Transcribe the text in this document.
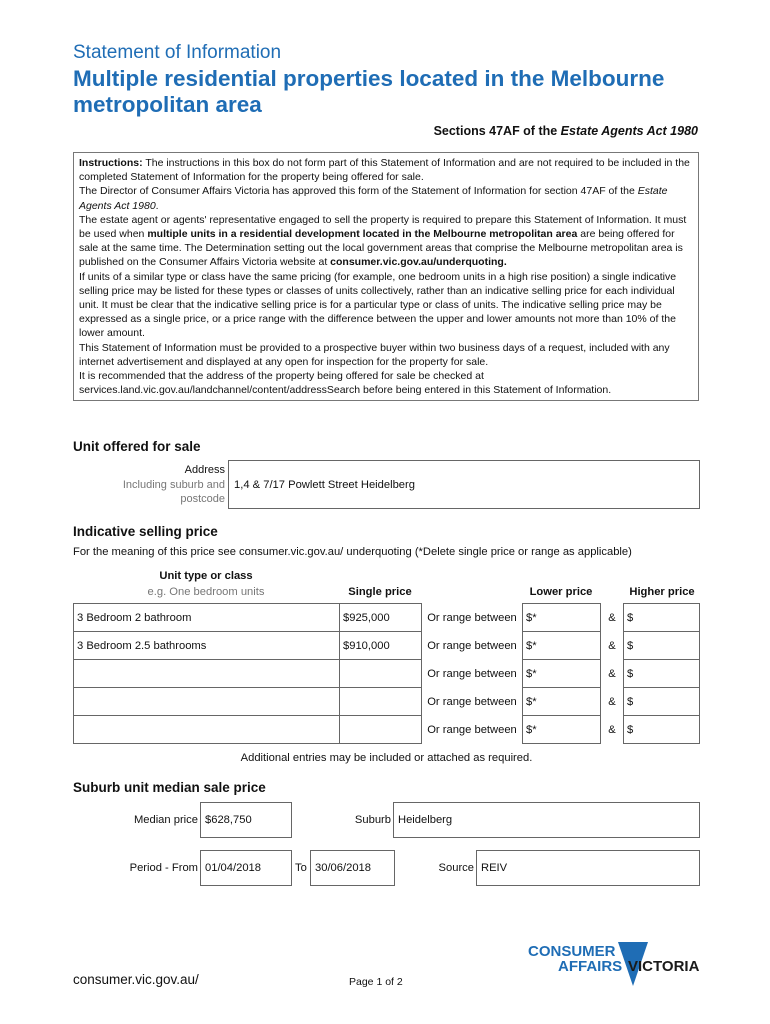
Statement of Information
Multiple residential properties located in the Melbourne metropolitan area
Sections 47AF of the Estate Agents Act 1980

Instructions: The instructions in this box do not form part of this Statement of Information and are not required to be included in the completed Statement of Information for the property being offered for sale.

The Director of Consumer Affairs Victoria has approved this form of the Statement of Information for section 47AF of the Estate Agents Act 1980.

The estate agent or agents' representative engaged to sell the property is required to prepare this Statement of Information. It must be used when multiple units in a residential development located in the Melbourne metropolitan area are being offered for sale at the same time. The Determination setting out the local government areas that comprise the Melbourne metropolitan area is published on the Consumer Affairs Victoria website at consumer.vic.gov.au/underquoting.

If units of a similar type or class have the same pricing (for example, one bedroom units in a high rise position) a single indicative selling price may be listed for these types or classes of units collectively, rather than an indicative selling price for each individual unit. It must be clear that the indicative selling price is for a particular type or class of units. The indicative selling price may be expressed as a single price, or a price range with the difference between the upper and lower amounts not more than 10% of the lower amount.

This Statement of Information must be provided to a prospective buyer within two business days of a request, included with any internet advertisement and displayed at any open for inspection for the property for sale.

It is recommended that the address of the property being offered for sale be checked at services.land.vic.gov.au/landchannel/content/addressSearch before being entered in this Statement of Information.

Unit offered for sale
Address
Including suburb and
postcode
1,4 & 7/17 Powlett Street Heidelberg
Indicative selling price
For the meaning of this price see consumer.vic.gov.au/ underquoting (*Delete single price or range as applicable)
Unit type or class
e.g. One bedroom units	Single price	Lower price	Higher price
3 Bedroom 2 bathroom	$925,000	Or range between	$*	&	$
3 Bedroom 2.5 bathrooms	$910,000	Or range between	$*	&	$
		Or range between	$*	&	$
		Or range between	$*	&	$
		Or range between	$*	&	$
Additional entries may be included or attached as required.
Suburb unit median sale price
Median price $628,750	Suburb Heidelberg
Period - From 01/04/2018	To 30/06/2018	Source REIV
consumer.vic.gov.au/	Page 1 of 2
CONSUMER
AFFAIRS VICTORIA
